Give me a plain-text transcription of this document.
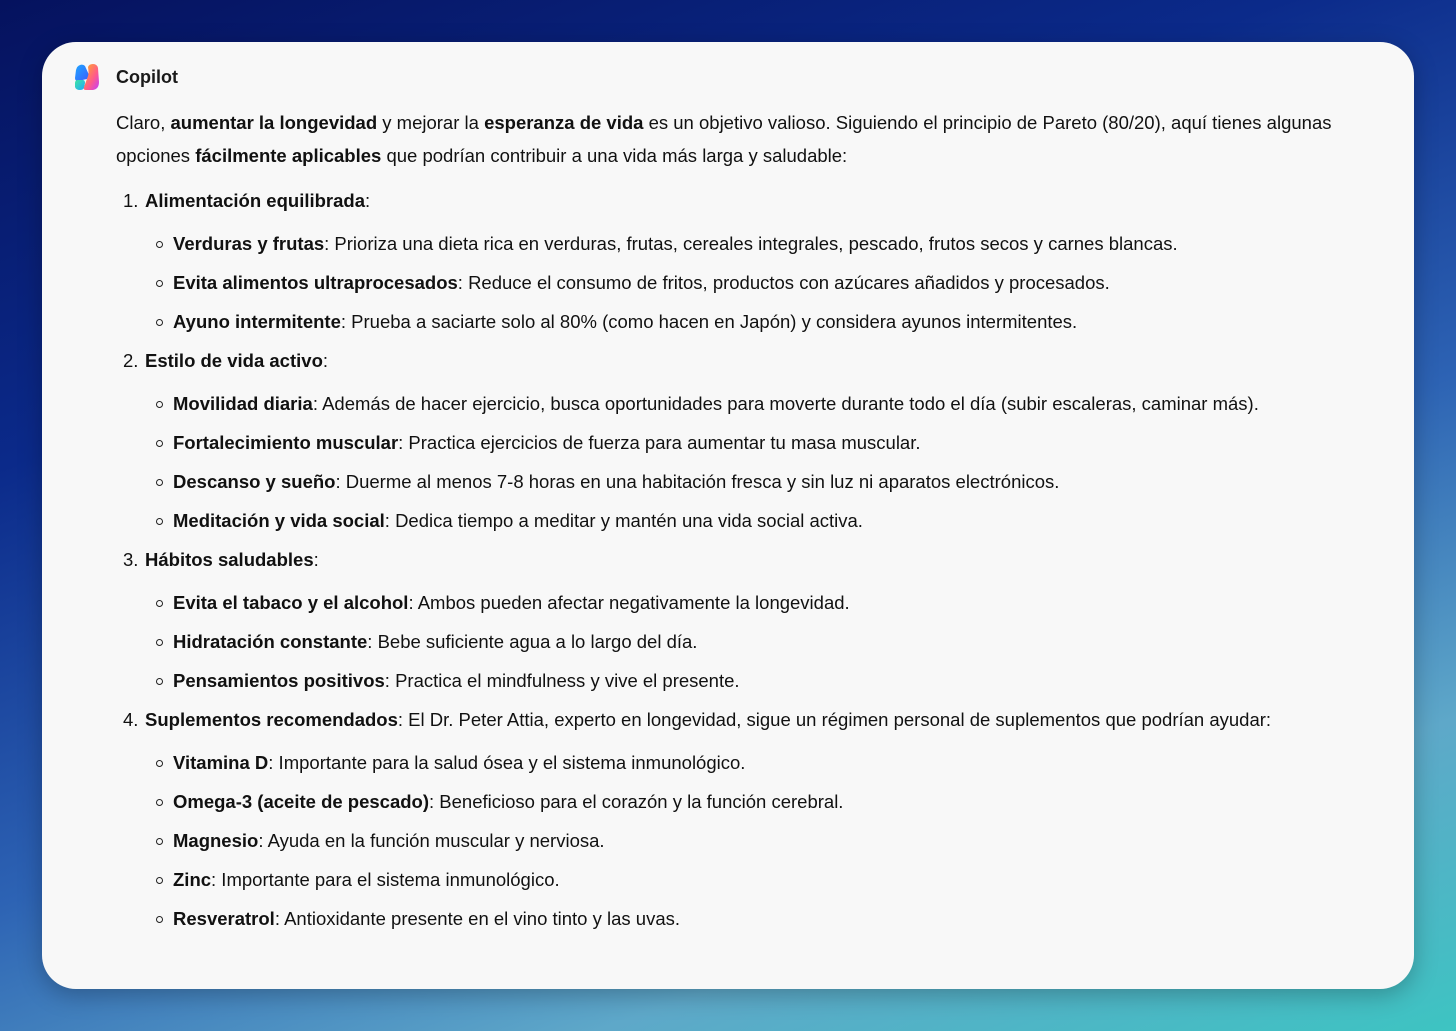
Copilot

Claro, aumentar la longevidad y mejorar la esperanza de vida es un objetivo valioso. Siguiendo el principio de Pareto (80/20), aquí tienes algunas opciones fácilmente aplicables que podrían contribuir a una vida más larga y saludable:

1. Alimentación equilibrada:
Verduras y frutas: Prioriza una dieta rica en verduras, frutas, cereales integrales, pescado, frutos secos y carnes blancas.
Evita alimentos ultraprocesados: Reduce el consumo de fritos, productos con azúcares añadidos y procesados.
Ayuno intermitente: Prueba a saciarte solo al 80% (como hacen en Japón) y considera ayunos intermitentes.
2. Estilo de vida activo:
Movilidad diaria: Además de hacer ejercicio, busca oportunidades para moverte durante todo el día (subir escaleras, caminar más).
Fortalecimiento muscular: Practica ejercicios de fuerza para aumentar tu masa muscular.
Descanso y sueño: Duerme al menos 7-8 horas en una habitación fresca y sin luz ni aparatos electrónicos.
Meditación y vida social: Dedica tiempo a meditar y mantén una vida social activa.
3. Hábitos saludables:
Evita el tabaco y el alcohol: Ambos pueden afectar negativamente la longevidad.
Hidratación constante: Bebe suficiente agua a lo largo del día.
Pensamientos positivos: Practica el mindfulness y vive el presente.
4. Suplementos recomendados: El Dr. Peter Attia, experto en longevidad, sigue un régimen personal de suplementos que podrían ayudar:
Vitamina D: Importante para la salud ósea y el sistema inmunológico.
Omega-3 (aceite de pescado): Beneficioso para el corazón y la función cerebral.
Magnesio: Ayuda en la función muscular y nerviosa.
Zinc: Importante para el sistema inmunológico.
Resveratrol: Antioxidante presente en el vino tinto y las uvas.
